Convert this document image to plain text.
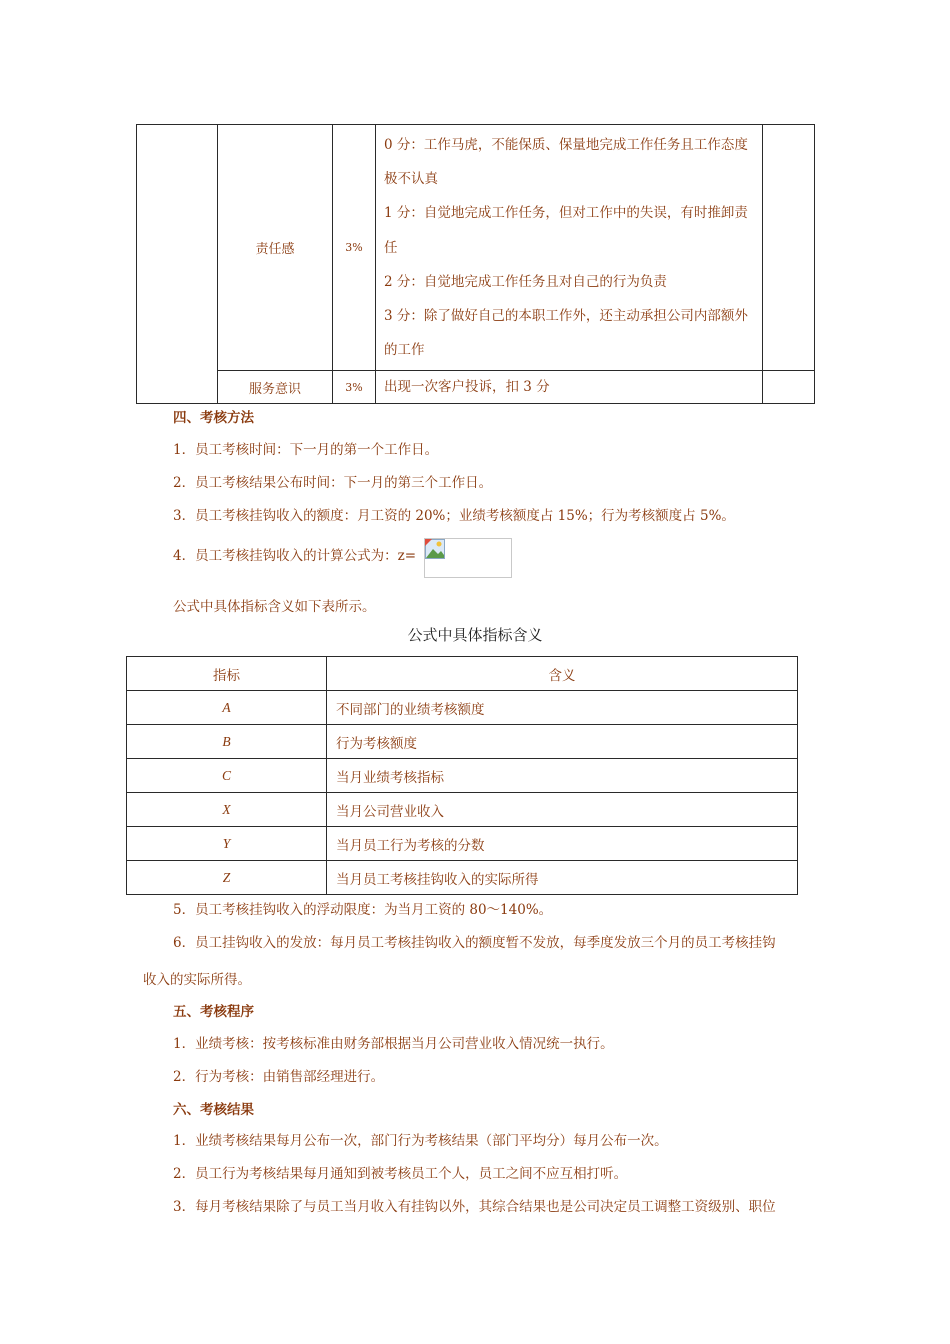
	责任感	3%	0 分：工作马虎，不能保质、保量地完成工作任务且工作态度极不认真
1 分：自觉地完成工作任务，但对工作中的失误，有时推卸责任
2 分：自觉地完成工作任务且对自己的行为负责
3 分：除了做好自己的本职工作外，还主动承担公司内部额外的工作	

	服务意识	3%	出现一次客户投诉，扣 3 分	
四、考核方法
1．员工考核时间：下一月的第一个工作日。
2．员工考核结果公布时间：下一月的第三个工作日。
3．员工考核挂钩收入的额度：月工资的 20%；业绩考核额度占 15%；行为考核额度占 5%。
4．员工考核挂钩收入的计算公式为：z=
公式中具体指标含义如下表所示。
公式中具体指标含义
指标	含义
A	不同部门的业绩考核额度
B	行为考核额度
C	当月业绩考核指标
X	当月公司营业收入
Y	当月员工行为考核的分数
Z	当月员工考核挂钩收入的实际所得
5．员工考核挂钩收入的浮动限度：为当月工资的 80～140%。
6．员工挂钩收入的发放：每月员工考核挂钩收入的额度暂不发放，每季度发放三个月的员工考核挂钩
收入的实际所得。
五、考核程序
1．业绩考核：按考核标准由财务部根据当月公司营业收入情况统一执行。
2．行为考核：由销售部经理进行。
六、考核结果
1．业绩考核结果每月公布一次，部门行为考核结果（部门平均分）每月公布一次。
2．员工行为考核结果每月通知到被考核员工个人，员工之间不应互相打听。
3．每月考核结果除了与员工当月收入有挂钩以外，其综合结果也是公司决定员工调整工资级别、职位
